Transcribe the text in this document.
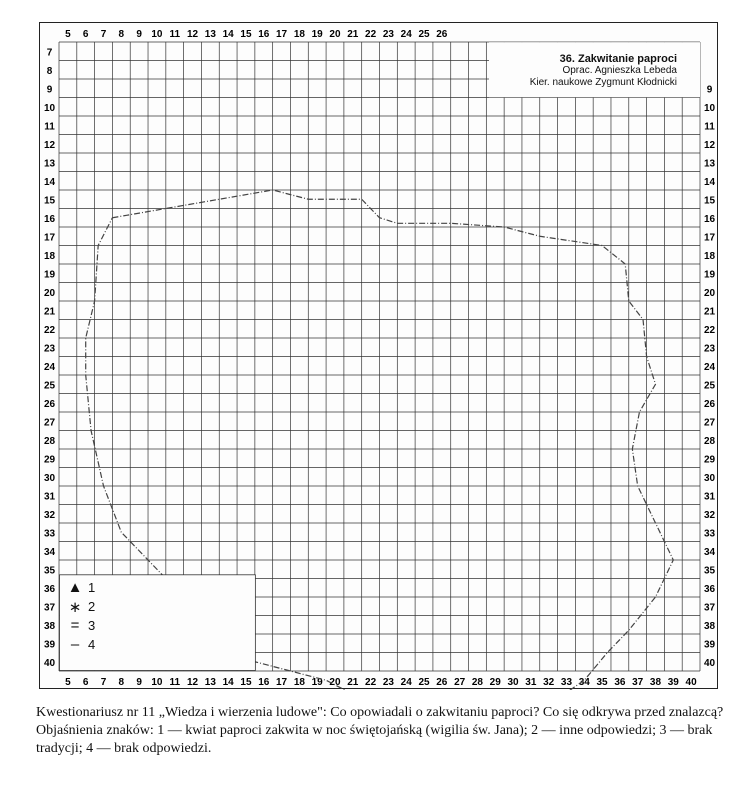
5 6 7 8 9 10 11 12 13 14 15 16 17 18 19 20 21 22 23 24 25 26 27 28 29 30 31 32 33 34 35 36 37 38 39 40
5 6 7 8 9 10 11 12 13 14 15 16 17 18 19 20 21 22 23 24 25 26
7
8
9
10
11
12
13
14
15
16
17
18
19
20
21
22
23
24
25
26
27
28
29
30
31
32
33
34
35
36
37
38
39
40
9
10
11
12
13
14
15
16
17
18
19
20
21
22
23
24
25
26
27
28
29
30
31
32
33
34
35
36
37
38
39
40
36. Zakwitanie paproci
Oprac. Agnieszka Lebeda
Kier. naukowe Zygmunt Kłodnicki
▲ 1
∗ 2
= 3
– 4

Kwestionariusz nr 11 „Wiedza i wierzenia ludowe": Co opowiadali o zakwitaniu paproci? Co się odkrywa przed znalazcą?

Objaśnienia znaków: 1 — kwiat paproci zakwita w noc świętojańską (wigilia św. Jana); 2 — inne odpowiedzi; 3 — brak tradycji; 4 — brak odpowiedzi.
